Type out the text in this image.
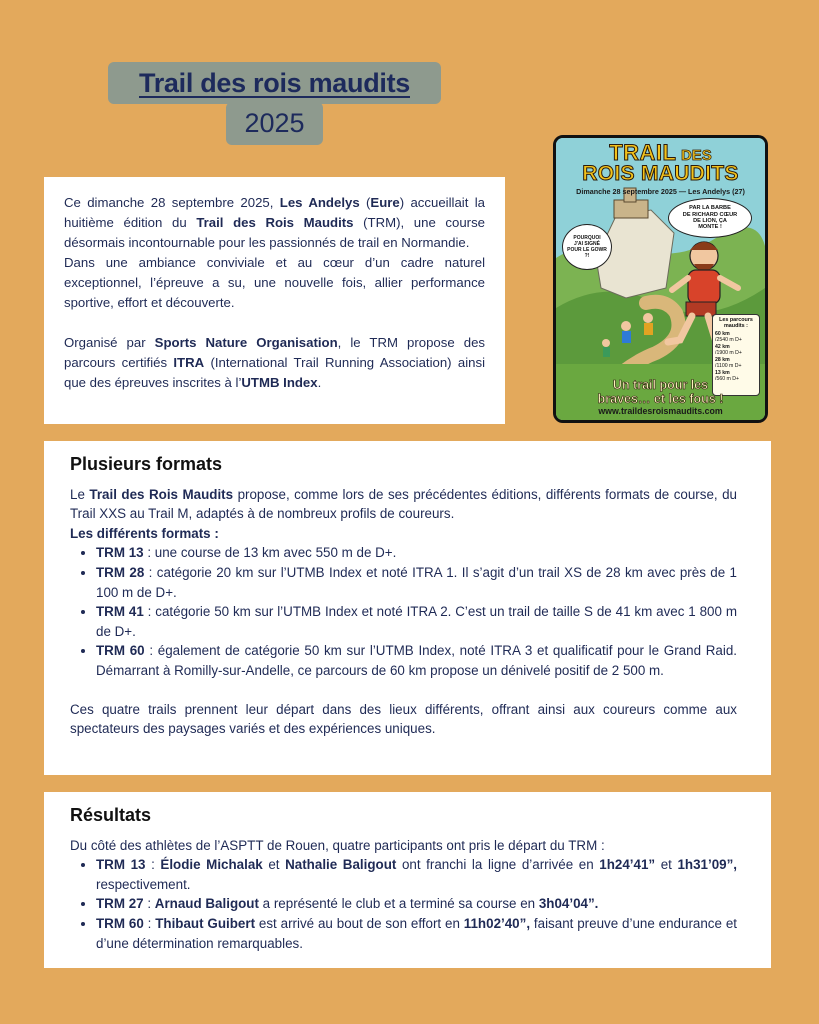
Trail des rois maudits
2025

Ce dimanche 28 septembre 2025, Les Andelys (Eure) accueillait la huitième édition du Trail des Rois Maudits (TRM), une course désormais incontournable pour les passionnés de trail en Normandie.

Dans une ambiance conviviale et au cœur d’un cadre naturel exceptionnel, l’épreuve a su, une nouvelle fois, allier performance sportive, effort et découverte.

Organisé par Sports Nature Organisation, le TRM propose des parcours certifiés ITRA (International Trail Running Association) ainsi que des épreuves inscrites à l’UTMB Index.

TRAIL DES
ROIS MAUDITS
Dimanche 28 septembre 2025 — Les Andelys (27)
PAR LA BARBE
DE RICHARD CŒUR
DE LION, ÇA
MONTE !
POURQUOI
J'AI SIGNÉ
POUR LE GOWR
?!
Les parcours
maudits :
60 km
/2540 m D+
42 km
/1900 m D+
28 km
/1100 m D+
13 km
/560 m D+
Un trail pour les
braves… et les fous !
www.traildesroismaudits.com
Plusieurs formats

Le Trail des Rois Maudits propose, comme lors de ses précédentes éditions, différents formats de course, du Trail XXS au Trail M, adaptés à de nombreux profils de coureurs.

Les différents formats :
• TRM 13 : une course de 13 km avec 550 m de D+.
• TRM 28 : catégorie 20 km sur l’UTMB Index et noté ITRA 1. Il s’agit d’un trail XS de 28 km avec près de 1 100 m de D+.
• TRM 41 : catégorie 50 km sur l’UTMB Index et noté ITRA 2. C’est un trail de taille S de 41 km avec 1 800 m de D+.
• TRM 60 : également de catégorie 50 km sur l’UTMB Index, noté ITRA 3 et qualificatif pour le Grand Raid. Démarrant à Romilly-sur-Andelle, ce parcours de 60 km propose un dénivelé positif de 2 500 m.

Ces quatre trails prennent leur départ dans des lieux différents, offrant ainsi aux coureurs comme aux spectateurs des paysages variés et des expériences uniques.

Résultats

Du côté des athlètes de l’ASPTT de Rouen, quatre participants ont pris le départ du TRM :

• TRM 13 : Élodie Michalak et Nathalie Baligout ont franchi la ligne d’arrivée en 1h24’41” et 1h31’09”, respectivement.
• TRM 27 : Arnaud Baligout a représenté le club et a terminé sa course en 3h04’04”.
• TRM 60 : Thibaut Guibert est arrivé au bout de son effort en 11h02’40”, faisant preuve d’une endurance et d’une détermination remarquables.
